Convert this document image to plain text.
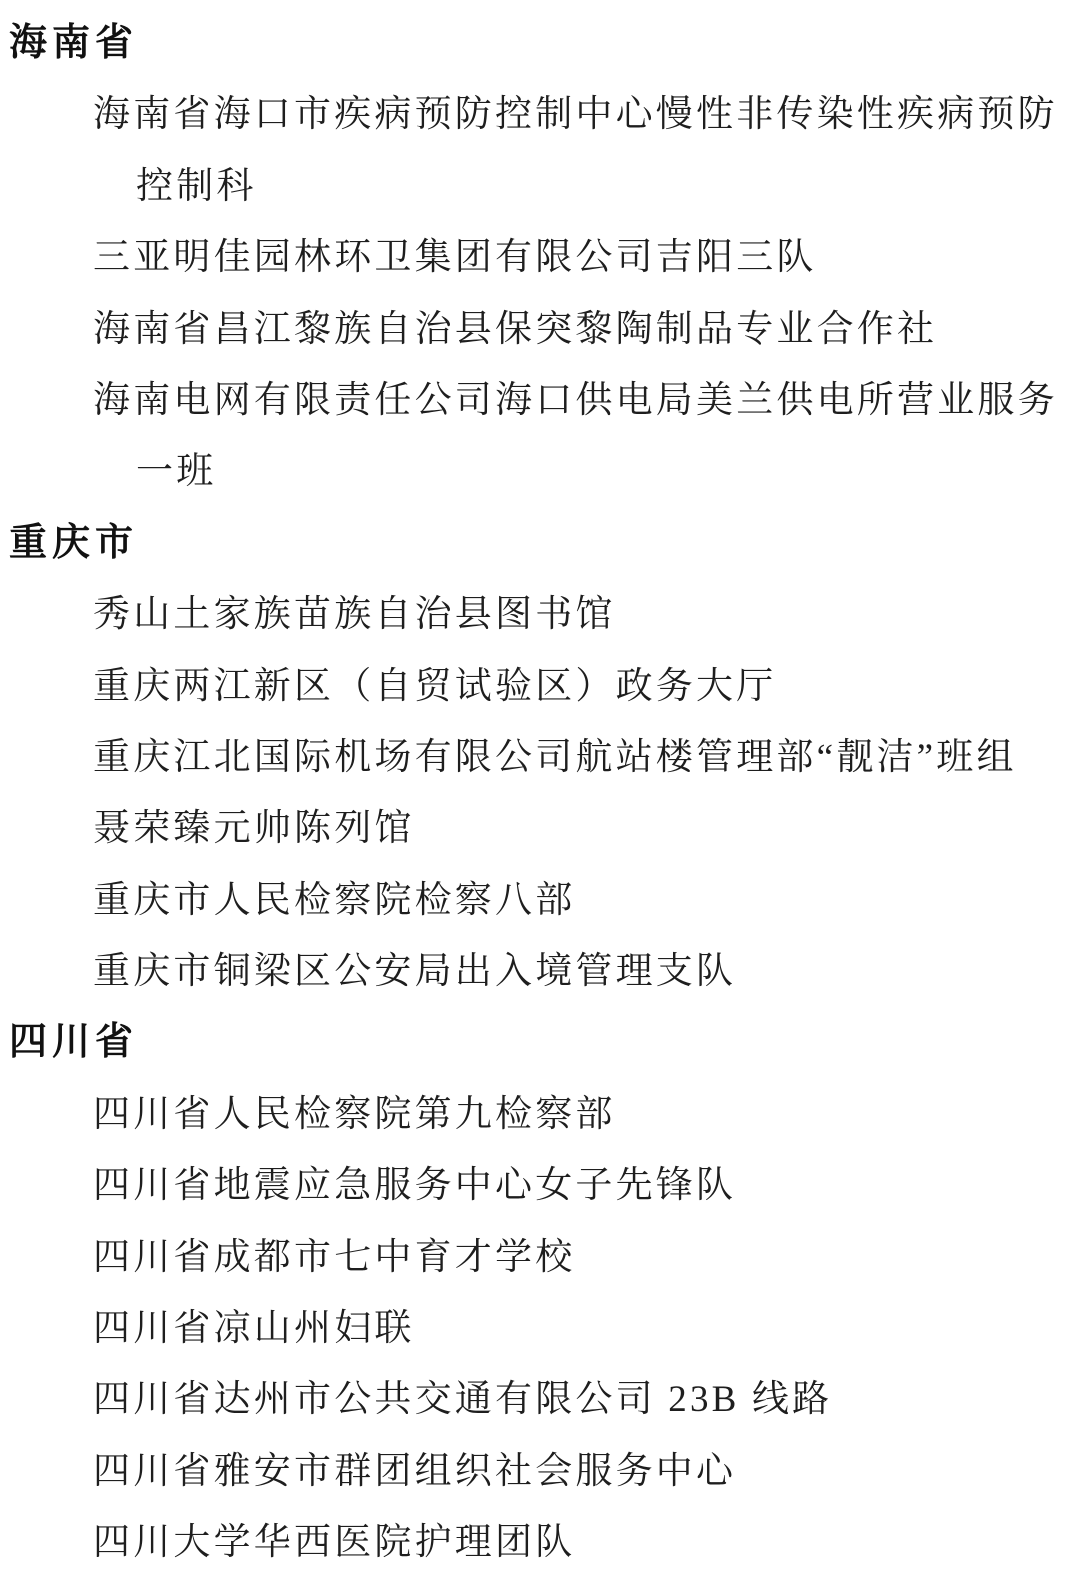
海南省
海南省海口市疾病预防控制中心慢性非传染性疾病预防
控制科
三亚明佳园林环卫集团有限公司吉阳三队
海南省昌江黎族自治县保突黎陶制品专业合作社
海南电网有限责任公司海口供电局美兰供电所营业服务
一班
重庆市
秀山土家族苗族自治县图书馆
重庆两江新区（自贸试验区）政务大厅
重庆江北国际机场有限公司航站楼管理部“靓洁”班组
聂荣臻元帅陈列馆
重庆市人民检察院检察八部
重庆市铜梁区公安局出入境管理支队
四川省
四川省人民检察院第九检察部
四川省地震应急服务中心女子先锋队
四川省成都市七中育才学校
四川省凉山州妇联
四川省达州市公共交通有限公司 23B 线路
四川省雅安市群团组织社会服务中心
四川大学华西医院护理团队
